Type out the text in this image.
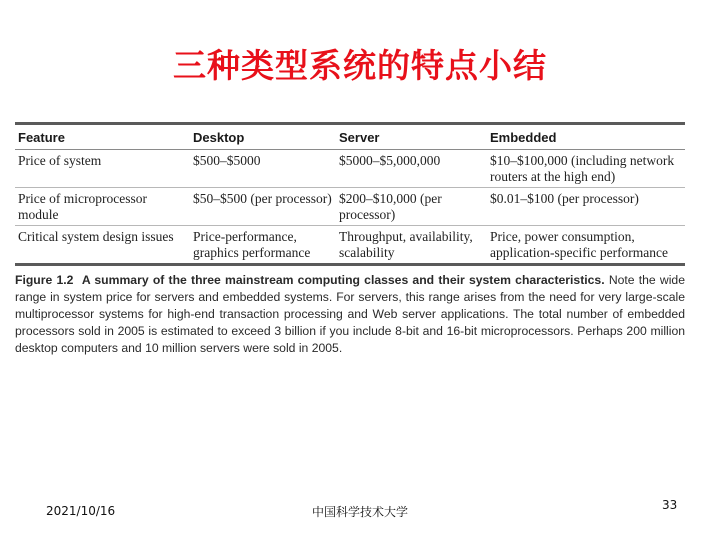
三种类型系统的特点小结
Feature	Desktop	Server	Embedded
Price of system	$500–$5000	$5000–$5,000,000	$10–$100,000 (including network routers at the high end)
Price of microprocessor module	$50–$500 (per processor)	$200–$10,000 (per processor)	$0.01–$100 (per processor)
Critical system design issues	Price-performance, graphics performance	Throughput, availability, scalability	Price, power consumption, application-specific performance
Figure 1.2 A summary of the three mainstream computing classes and their system characteristics. Note the wide range in system price for servers and embedded systems. For servers, this range arises from the need for very large-scale multiprocessor systems for high-end transaction processing and Web server applications. The total number of embedded processors sold in 2005 is estimated to exceed 3 billion if you include 8-bit and 16-bit microprocessors. Perhaps 200 million desktop computers and 10 million servers were sold in 2005.
2021/10/16	中国科学技术大学	33
